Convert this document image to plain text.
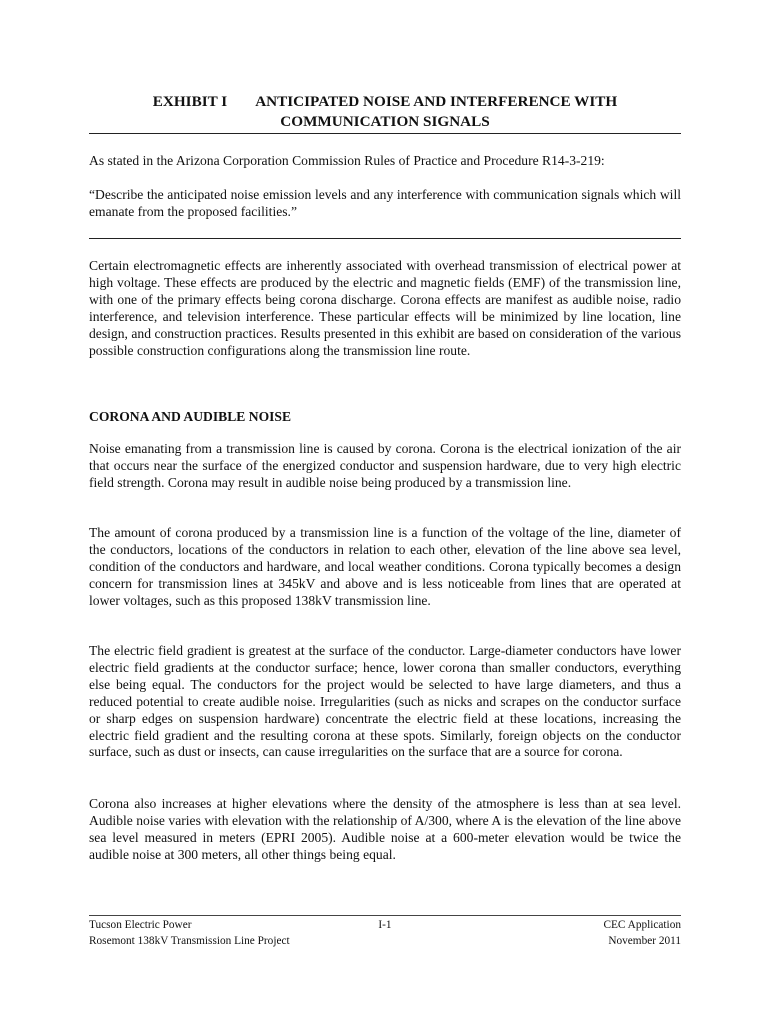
EXHIBIT I ANTICIPATED NOISE AND INTERFERENCE WITH
COMMUNICATION SIGNALS

As stated in the Arizona Corporation Commission Rules of Practice and Procedure R14-3-219:

“Describe the anticipated noise emission levels and any interference with communication signals which will emanate from the proposed facilities.”

Certain electromagnetic effects are inherently associated with overhead transmission of electrical power at high voltage. These effects are produced by the electric and magnetic fields (EMF) of the transmission line, with one of the primary effects being corona discharge. Corona effects are manifest as audible noise, radio interference, and television interference. These particular effects will be minimized by line location, line design, and construction practices. Results presented in this exhibit are based on consideration of the various possible construction configurations along the transmission line route.

CORONA AND AUDIBLE NOISE

Noise emanating from a transmission line is caused by corona. Corona is the electrical ionization of the air that occurs near the surface of the energized conductor and suspension hardware, due to very high electric field strength. Corona may result in audible noise being produced by a transmission line.

The amount of corona produced by a transmission line is a function of the voltage of the line, diameter of the conductors, locations of the conductors in relation to each other, elevation of the line above sea level, condition of the conductors and hardware, and local weather conditions. Corona typically becomes a design concern for transmission lines at 345kV and above and is less noticeable from lines that are operated at lower voltages, such as this proposed 138kV transmission line.

The electric field gradient is greatest at the surface of the conductor. Large-diameter conductors have lower electric field gradients at the conductor surface; hence, lower corona than smaller conductors, everything else being equal. The conductors for the project would be selected to have large diameters, and thus a reduced potential to create audible noise. Irregularities (such as nicks and scrapes on the conductor surface or sharp edges on suspension hardware) concentrate the electric field at these locations, increasing the electric field gradient and the resulting corona at these spots. Similarly, foreign objects on the conductor surface, such as dust or insects, can cause irregularities on the surface that are a source for corona.

Corona also increases at higher elevations where the density of the atmosphere is less than at sea level. Audible noise varies with elevation with the relationship of A/300, where A is the elevation of the line above sea level measured in meters (EPRI 2005). Audible noise at a 600-meter elevation would be twice the audible noise at 300 meters, all other things being equal.

Tucson Electric Power
Rosemont 138kV Transmission Line Project
I-1	CEC Application
November 2011
